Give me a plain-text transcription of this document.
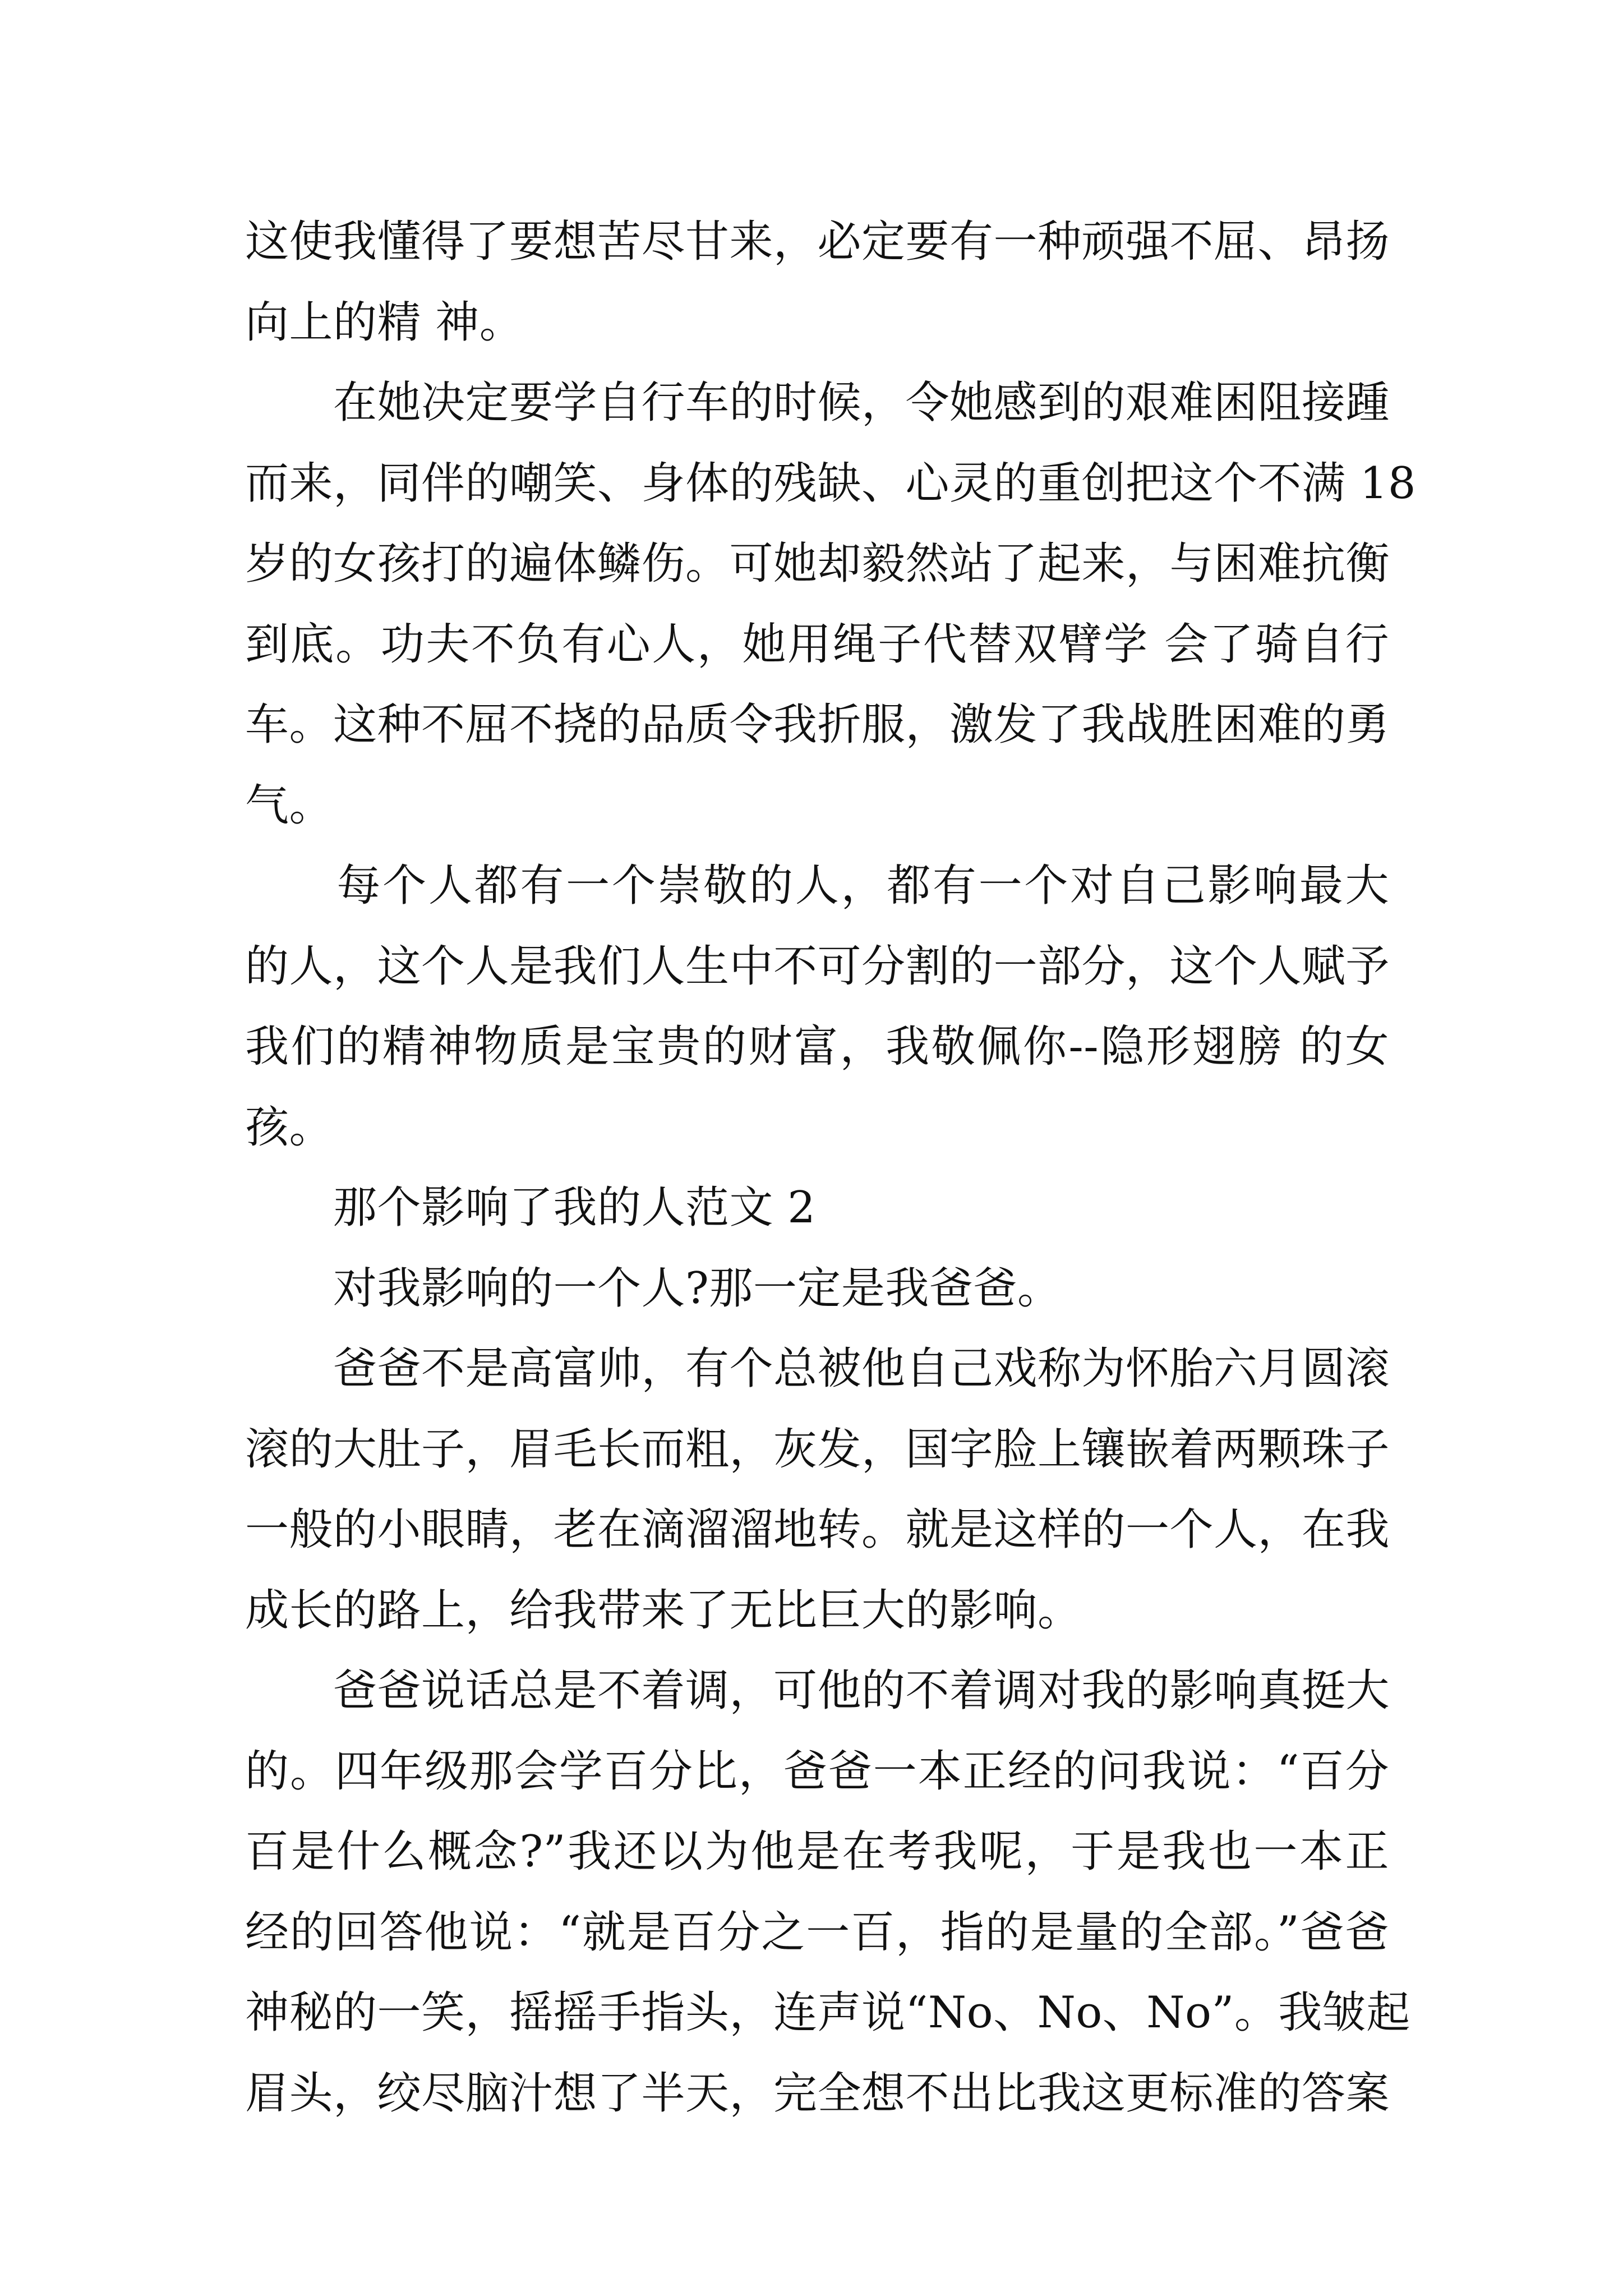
这使我懂得了要想苦尽甘来，必定要有一种顽强不屈、昂扬
向上的精 神。
　　在她决定要学自行车的时候，令她感到的艰难困阻接踵
而来，同伴的嘲笑、身体的残缺、心灵的重创把这个不满 18
岁的女孩打的遍体鳞伤。可她却毅然站了起来，与困难抗衡
到底。功夫不负有心人，她用绳子代替双臂学 会了骑自行
车。这种不屈不挠的品质令我折服，激发了我战胜困难的勇
气。
　　每个人都有一个崇敬的人，都有一个对自己影响最大
的人，这个人是我们人生中不可分割的一部分，这个人赋予
我们的精神物质是宝贵的财富，我敬佩你--隐形翅膀 的女
孩。
　　那个影响了我的人范文 2
　　对我影响的一个人?那一定是我爸爸。
　　爸爸不是高富帅，有个总被他自己戏称为怀胎六月圆滚
滚的大肚子，眉毛长而粗，灰发，国字脸上镶嵌着两颗珠子
一般的小眼睛，老在滴溜溜地转。就是这样的一个人，在我
成长的路上，给我带来了无比巨大的影响。
　　爸爸说话总是不着调，可他的不着调对我的影响真挺大
的。四年级那会学百分比，爸爸一本正经的问我说：“百分
百是什么概念?”我还以为他是在考我呢，于是我也一本正
经的回答他说：“就是百分之一百，指的是量的全部。”爸爸
神秘的一笑，摇摇手指头，连声说“No、No、No”。我皱起
眉头，绞尽脑汁想了半天，完全想不出比我这更标准的答案
